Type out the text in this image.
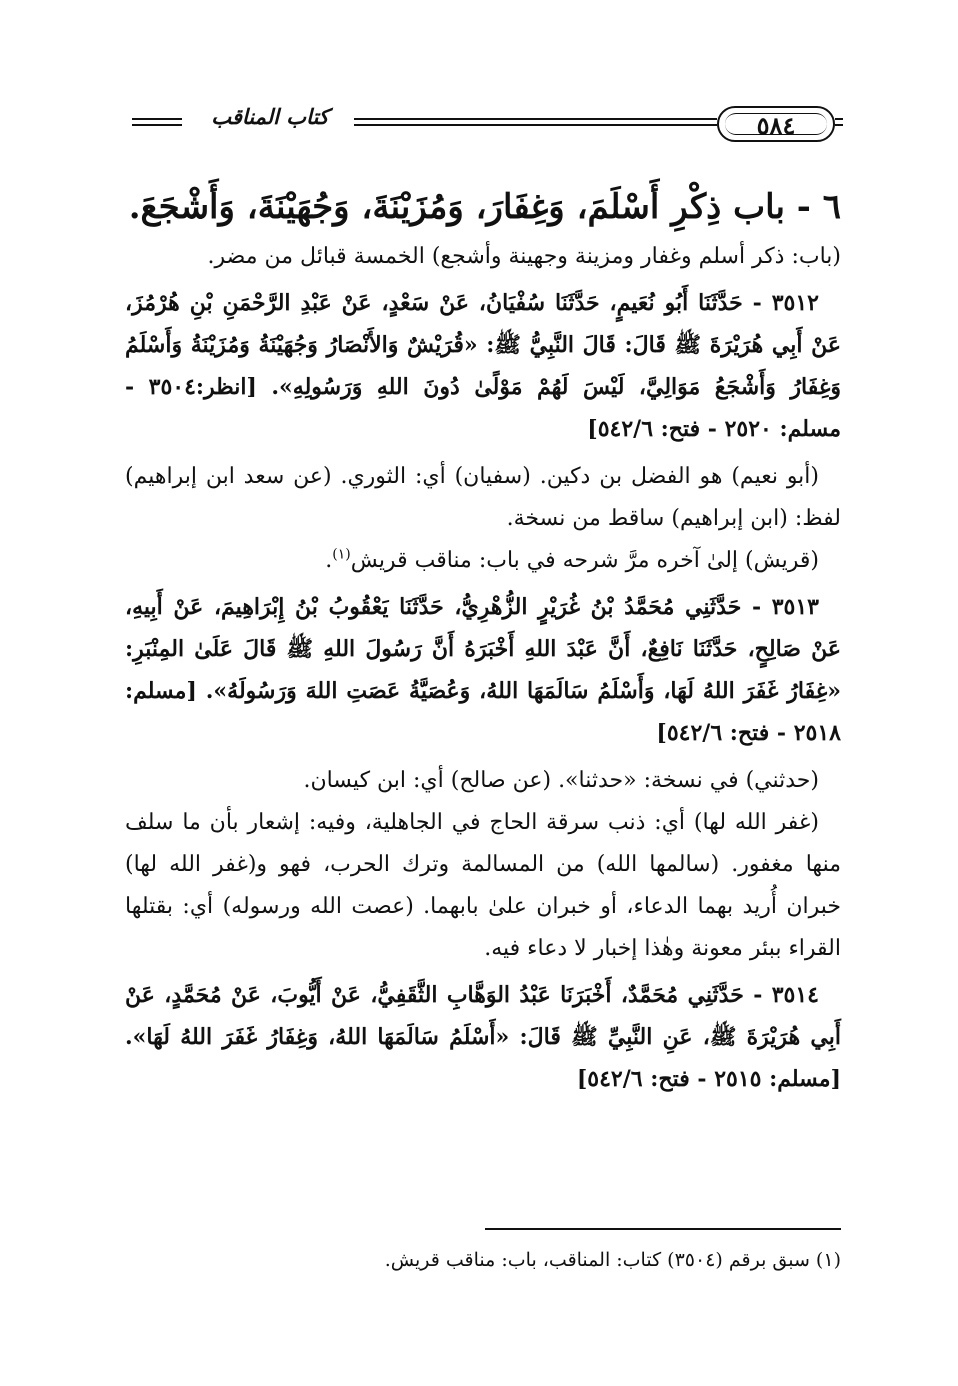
كتاب المناقب	٥٨٤
٦ - باب ذِكْرِ أَسْلَمَ، وَغِفَارَ، وَمُزَيْنَةَ، وَجُهَيْنَةَ، وَأَشْجَعَ.

(باب: ذكر أسلم وغفار ومزينة وجهينة وأشجع) الخمسة قبائل من مضر.

٣٥١٢ - حَدَّثَنَا أَبُو نُعَيمٍ، حَدَّثَنَا سُفْيَانُ، عَنْ سَعْدٍ، عَنْ عَبْدِ الرَّحْمَنِ بْنِ هُرْمُزَ، عَنْ أَبِي هُرَيْرَةَ ﷺ قَالَ: قَالَ النَّبِيُّ ﷺ: «قُرَيْشٌ وَالأَنْصَارُ وَجُهَيْنَةُ وَمُزَيْنَةُ وَأَسْلَمُ وَغِفَارُ وَأَشْجَعُ مَوَالِيَّ، لَيْسَ لَهُمْ مَوْلًىٰ دُونَ اللهِ وَرَسُولِهِ». [انظر:٣٥٠٤ - مسلم: ٢٥٢٠ - فتح: ٥٤٢/٦]

(أبو نعيم) هو الفضل بن دكين. (سفيان) أي: الثوري. (عن سعد ابن إبراهيم) لفظ: (ابن إبراهيم) ساقط من نسخة.

(قريش) إلىٰ آخره مرَّ شرحه في باب: مناقب قريش$^{(١)}$.

٣٥١٣ - حَدَّثَنِي مُحَمَّدُ بْنُ غُرَيْرٍ الزُّهْرِيُّ، حَدَّثَنَا يَعْقُوبُ بْنُ إِبْرَاهِيمَ، عَنْ أَبِيهِ، عَنْ صَالِحٍ، حَدَّثَنَا نَافِعٌ، أَنَّ عَبْدَ اللهِ أَخْبَرَهُ أَنَّ رَسُولَ اللهِ ﷺ قَالَ عَلَىٰ المِنْبَرِ: «غِفَارُ غَفَرَ اللهُ لَهَا، وَأَسْلَمُ سَالَمَهَا اللهُ، وَعُصَيَّةُ عَصَتِ اللهَ وَرَسُولَهُ». [مسلم: ٢٥١٨ - فتح: ٥٤٢/٦]

(حدثني) في نسخة: «حدثنا». (عن صالح) أي: ابن كيسان.

(غفر الله لها) أي: ذنب سرقة الحاج في الجاهلية، وفيه: إشعار بأن ما سلف منها مغفور. (سالمها الله) من المسالمة وترك الحرب، فهو و(غفر الله لها) خبران أُريد بهما الدعاء، أو خبران علىٰ بابهما. (عصت الله ورسوله) أي: بقتلها القراء ببئر معونة وهٰذا إخبار لا دعاء فيه.

٣٥١٤ - حَدَّثَنِي مُحَمَّدٌ، أَخْبَرَنَا عَبْدُ الوَهَّابِ الثَّقَفِيُّ، عَنْ أَيُّوبَ، عَنْ مُحَمَّدٍ، عَنْ أَبِي هُرَيْرَةَ ﷺ، عَنِ النَّبِيِّ ﷺ قَالَ: «أَسْلَمُ سَالَمَهَا اللهُ، وَغِفَارُ غَفَرَ اللهُ لَهَا». [مسلم: ٢٥١٥ - فتح: ٥٤٢/٦]

(١) سبق برقم (٣٥٠٤) كتاب: المناقب، باب: مناقب قريش.
